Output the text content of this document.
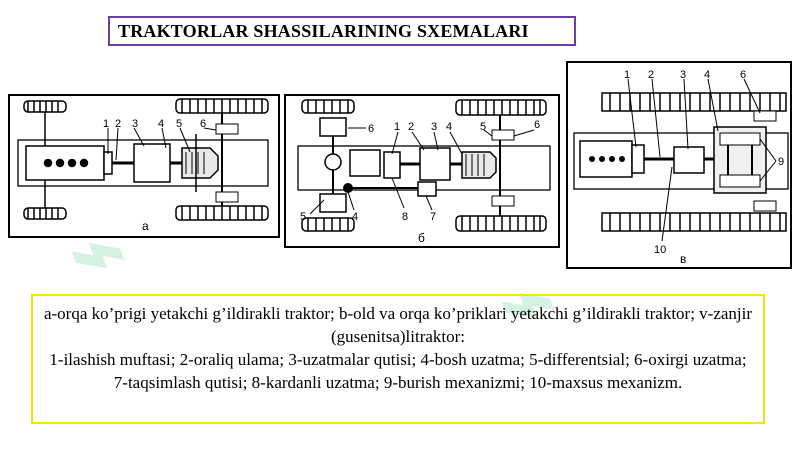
⌁	⌁
TRAKTORLAR SHASSILARINING SXEMALARI
1 2 3 4 5 6
а
6 1 2 3 4	5	6
5	4	8 7
б
1 2 3 4	6
9
10
в

a-orqa ko’prigi yetakchi g’ildirakli traktor; b-old va orqa ko’priklari yetakchi g’ildirakli traktor; v-zanjir (gusenitsa)litraktor:

1-ilashish muftasi; 2-oraliq ulama; 3-uzatmalar qutisi; 4-bosh uzatma; 5-differentsial; 6-oxirgi uzatma; 7-taqsimlash qutisi; 8-kardanli uzatma; 9-burish mexanizmi; 10-maxsus mexanizm.
